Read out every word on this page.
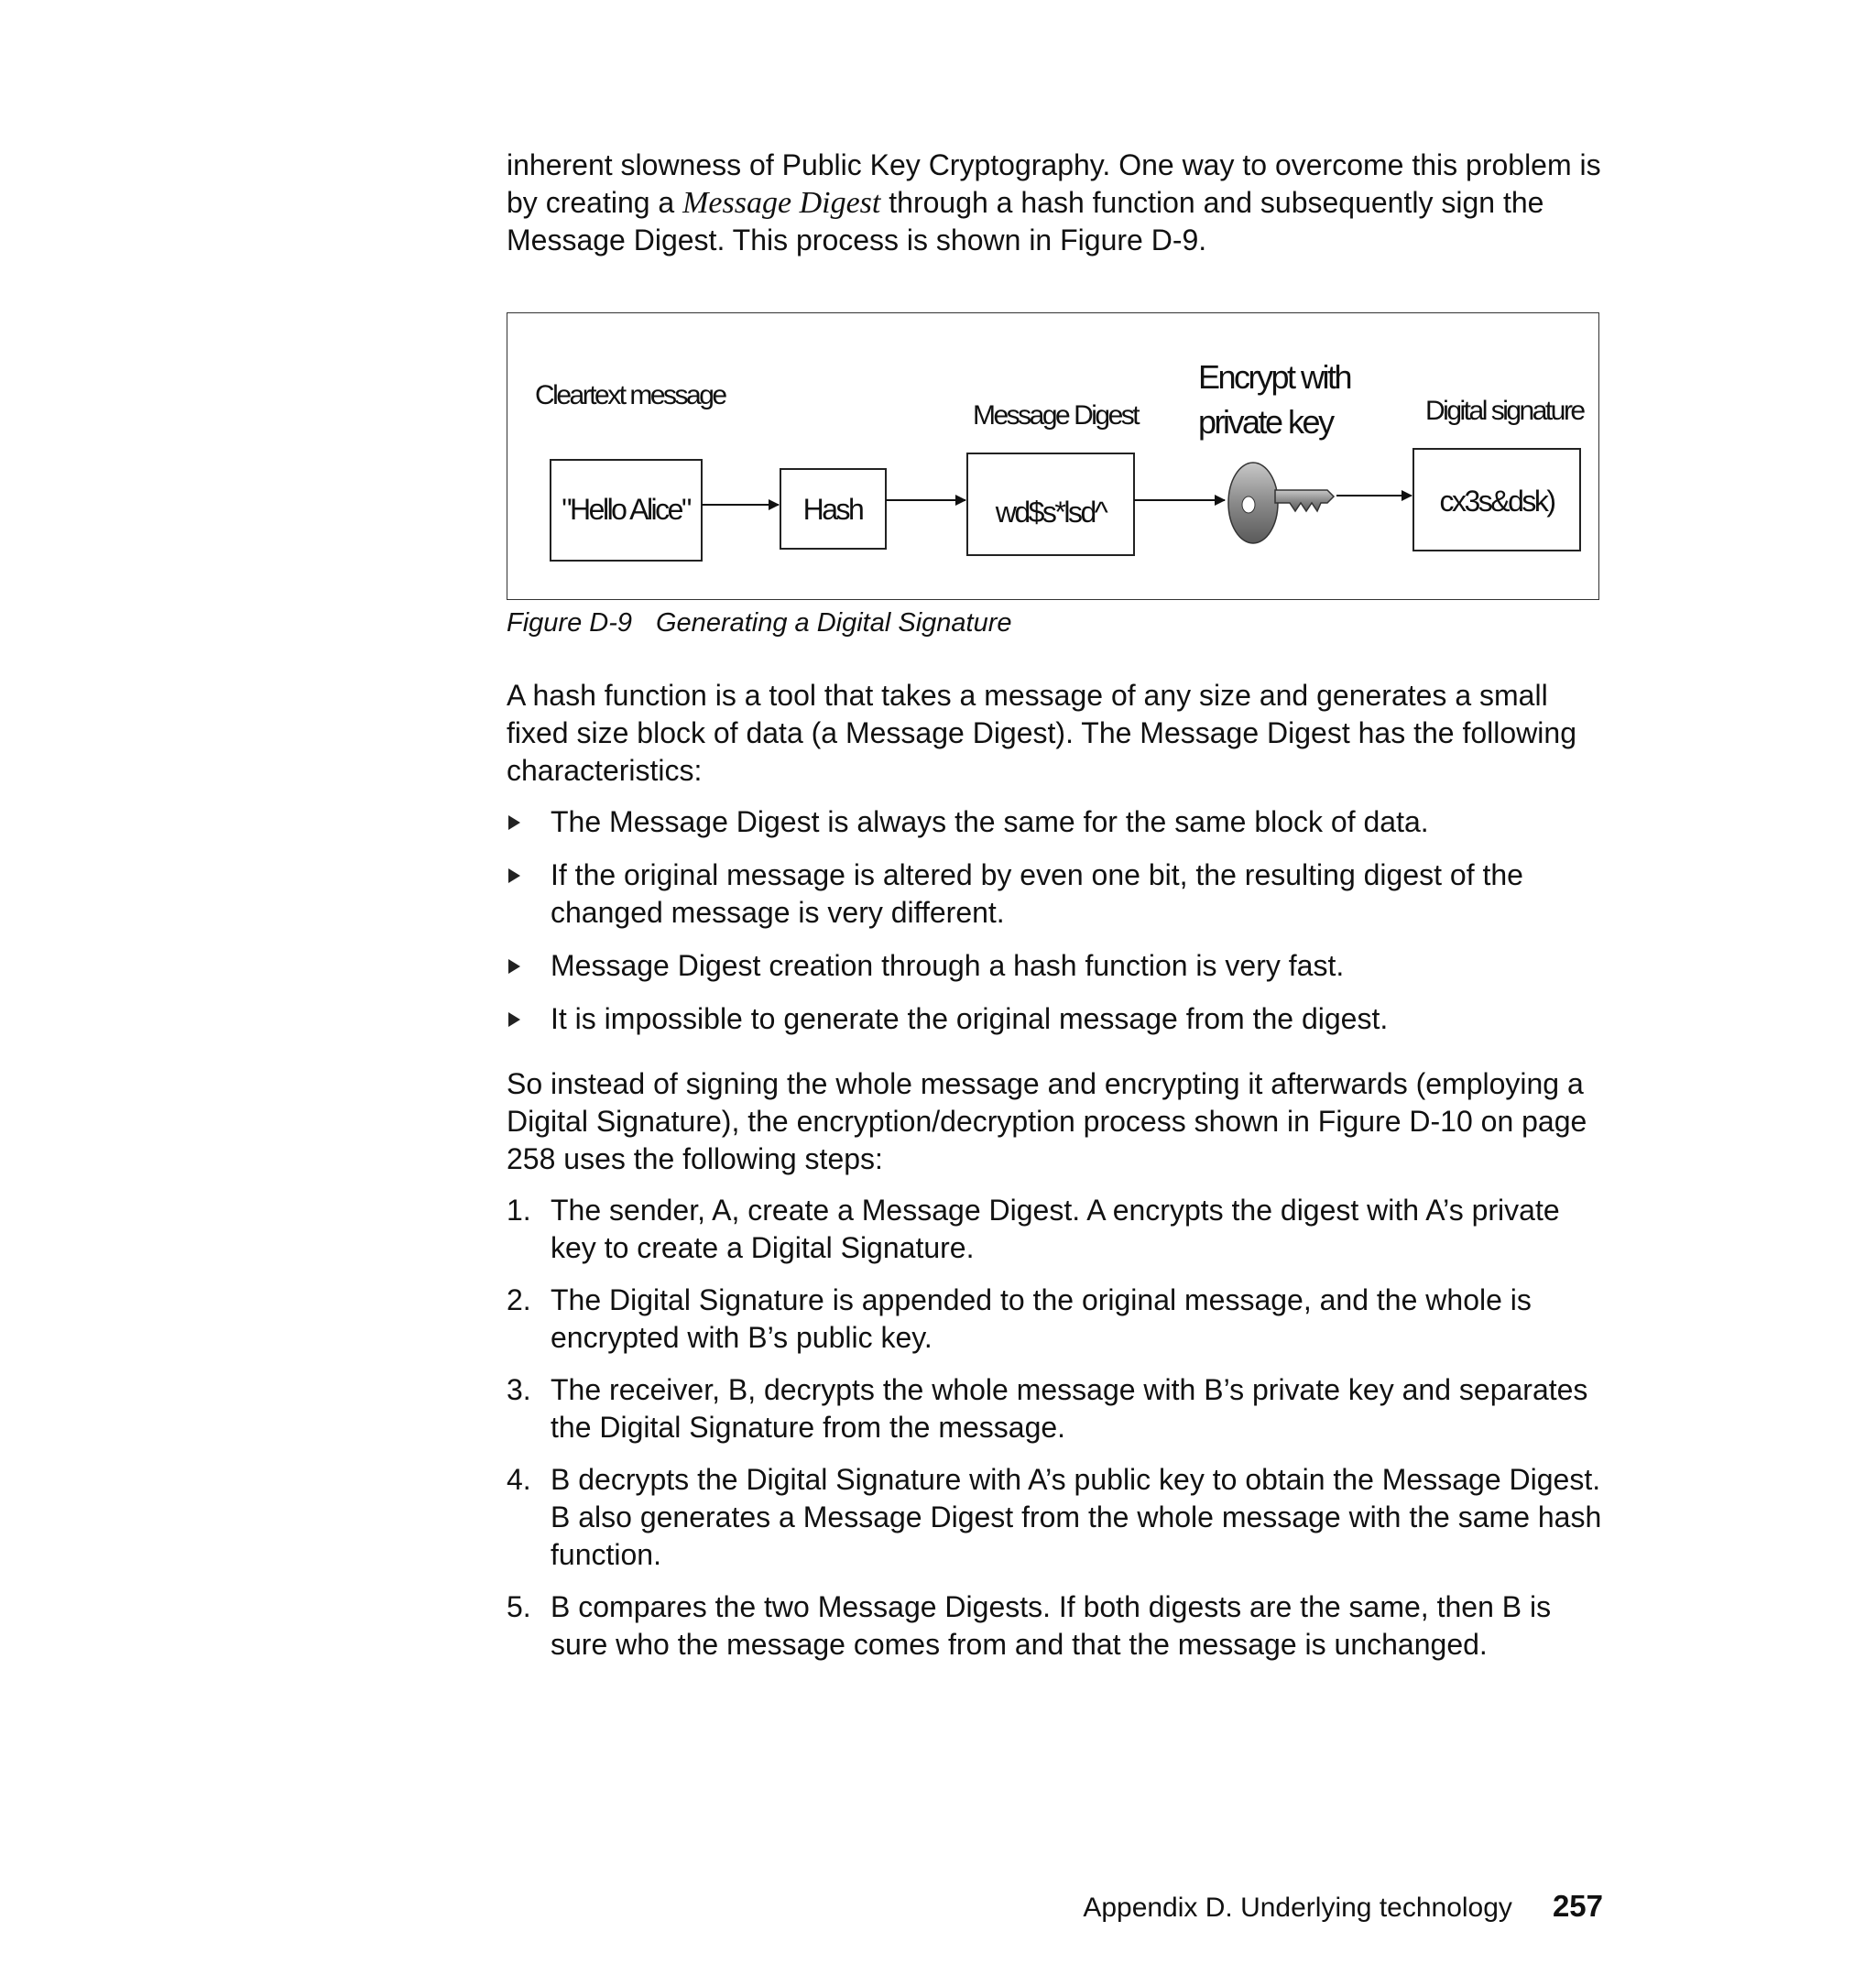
inherent slowness of Public Key Cryptography. One way to overcome this problem is by creating a Message Digest through a hash function and subsequently sign the Message Digest. This process is shown in Figure D-9.

Cleartext message
Message Digest
Encrypt with
private key	Digital signature
"Hello Alice"	Hash	wd$s*lsd^	cx3s&dsk)
Figure D-9 Generating a Digital Signature

A hash function is a tool that takes a message of any size and generates a small fixed size block of data (a Message Digest). The Message Digest has the following characteristics:

The Message Digest is always the same for the same block of data.
If the original message is altered by even one bit, the resulting digest of the changed message is very different.
Message Digest creation through a hash function is very fast.
It is impossible to generate the original message from the digest.

So instead of signing the whole message and encrypting it afterwards (employing a Digital Signature), the encryption/decryption process shown in Figure D-10 on page 258 uses the following steps:

1. The sender, A, create a Message Digest. A encrypts the digest with A’s private key to create a Digital Signature.
2. The Digital Signature is appended to the original message, and the whole is encrypted with B’s public key.
3. The receiver, B, decrypts the whole message with B’s private key and separates the Digital Signature from the message.
4. B decrypts the Digital Signature with A’s public key to obtain the Message Digest. B also generates a Message Digest from the whole message with the same hash function.
5. B compares the two Message Digests. If both digests are the same, then B is sure who the message comes from and that the message is unchanged.
Appendix D. Underlying technology 257
